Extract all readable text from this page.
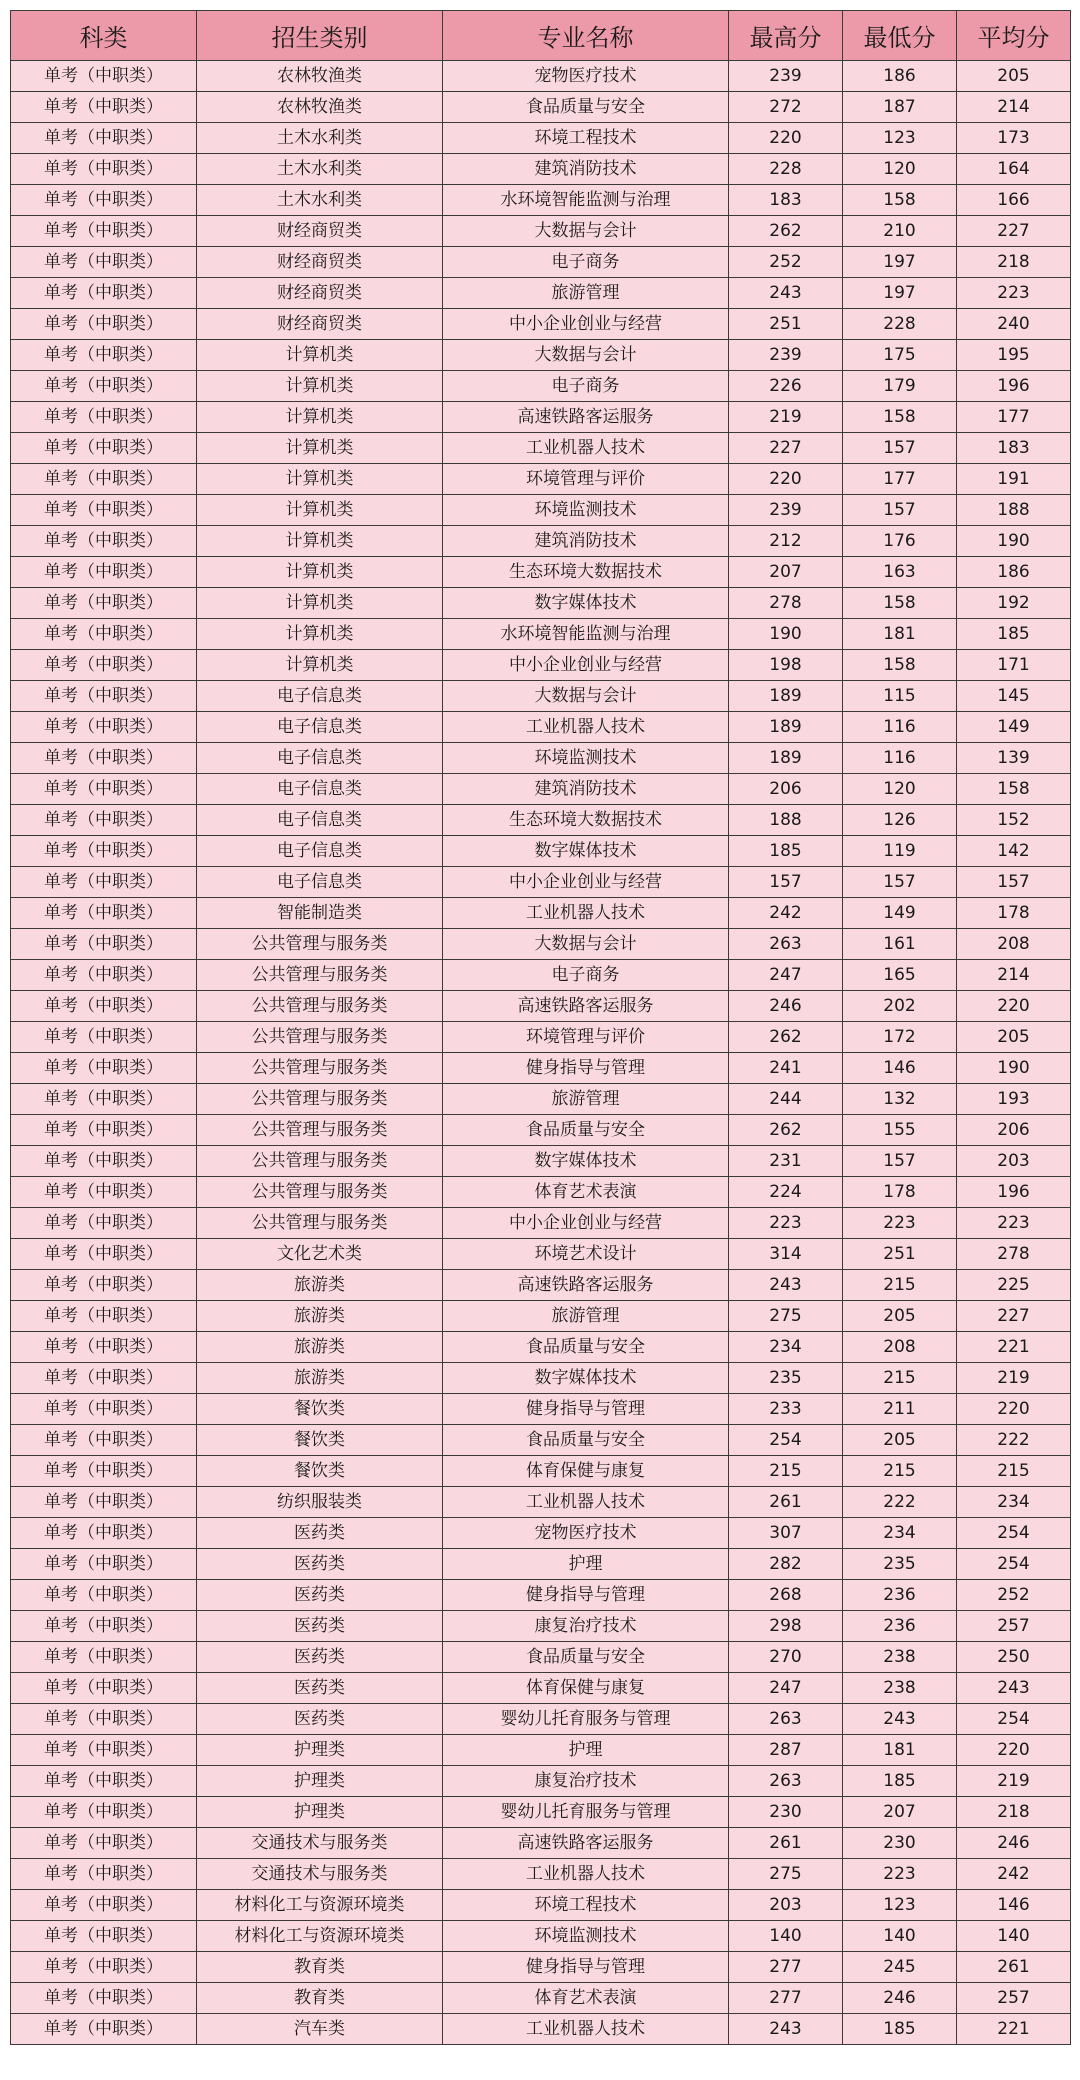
科类	招生类别	专业名称	最高分	最低分	平均分
单考（中职类）	农林牧渔类	宠物医疗技术	239	186	205
单考（中职类）	农林牧渔类	食品质量与安全	272	187	214
单考（中职类）	土木水利类	环境工程技术	220	123	173
单考（中职类）	土木水利类	建筑消防技术	228	120	164
单考（中职类）	土木水利类	水环境智能监测与治理	183	158	166
单考（中职类）	财经商贸类	大数据与会计	262	210	227
单考（中职类）	财经商贸类	电子商务	252	197	218
单考（中职类）	财经商贸类	旅游管理	243	197	223
单考（中职类）	财经商贸类	中小企业创业与经营	251	228	240
单考（中职类）	计算机类	大数据与会计	239	175	195
单考（中职类）	计算机类	电子商务	226	179	196
单考（中职类）	计算机类	高速铁路客运服务	219	158	177
单考（中职类）	计算机类	工业机器人技术	227	157	183
单考（中职类）	计算机类	环境管理与评价	220	177	191
单考（中职类）	计算机类	环境监测技术	239	157	188
单考（中职类）	计算机类	建筑消防技术	212	176	190
单考（中职类）	计算机类	生态环境大数据技术	207	163	186
单考（中职类）	计算机类	数字媒体技术	278	158	192
单考（中职类）	计算机类	水环境智能监测与治理	190	181	185
单考（中职类）	计算机类	中小企业创业与经营	198	158	171
单考（中职类）	电子信息类	大数据与会计	189	115	145
单考（中职类）	电子信息类	工业机器人技术	189	116	149
单考（中职类）	电子信息类	环境监测技术	189	116	139
单考（中职类）	电子信息类	建筑消防技术	206	120	158
单考（中职类）	电子信息类	生态环境大数据技术	188	126	152
单考（中职类）	电子信息类	数字媒体技术	185	119	142
单考（中职类）	电子信息类	中小企业创业与经营	157	157	157
单考（中职类）	智能制造类	工业机器人技术	242	149	178
单考（中职类）	公共管理与服务类	大数据与会计	263	161	208
单考（中职类）	公共管理与服务类	电子商务	247	165	214
单考（中职类）	公共管理与服务类	高速铁路客运服务	246	202	220
单考（中职类）	公共管理与服务类	环境管理与评价	262	172	205
单考（中职类）	公共管理与服务类	健身指导与管理	241	146	190
单考（中职类）	公共管理与服务类	旅游管理	244	132	193
单考（中职类）	公共管理与服务类	食品质量与安全	262	155	206
单考（中职类）	公共管理与服务类	数字媒体技术	231	157	203
单考（中职类）	公共管理与服务类	体育艺术表演	224	178	196
单考（中职类）	公共管理与服务类	中小企业创业与经营	223	223	223
单考（中职类）	文化艺术类	环境艺术设计	314	251	278
单考（中职类）	旅游类	高速铁路客运服务	243	215	225
单考（中职类）	旅游类	旅游管理	275	205	227
单考（中职类）	旅游类	食品质量与安全	234	208	221
单考（中职类）	旅游类	数字媒体技术	235	215	219
单考（中职类）	餐饮类	健身指导与管理	233	211	220
单考（中职类）	餐饮类	食品质量与安全	254	205	222
单考（中职类）	餐饮类	体育保健与康复	215	215	215
单考（中职类）	纺织服装类	工业机器人技术	261	222	234
单考（中职类）	医药类	宠物医疗技术	307	234	254
单考（中职类）	医药类	护理	282	235	254
单考（中职类）	医药类	健身指导与管理	268	236	252
单考（中职类）	医药类	康复治疗技术	298	236	257
单考（中职类）	医药类	食品质量与安全	270	238	250
单考（中职类）	医药类	体育保健与康复	247	238	243
单考（中职类）	医药类	婴幼儿托育服务与管理	263	243	254
单考（中职类）	护理类	护理	287	181	220
单考（中职类）	护理类	康复治疗技术	263	185	219
单考（中职类）	护理类	婴幼儿托育服务与管理	230	207	218
单考（中职类）	交通技术与服务类	高速铁路客运服务	261	230	246
单考（中职类）	交通技术与服务类	工业机器人技术	275	223	242
单考（中职类）	材料化工与资源环境类	环境工程技术	203	123	146
单考（中职类）	材料化工与资源环境类	环境监测技术	140	140	140
单考（中职类）	教育类	健身指导与管理	277	245	261
单考（中职类）	教育类	体育艺术表演	277	246	257
单考（中职类）	汽车类	工业机器人技术	243	185	221
